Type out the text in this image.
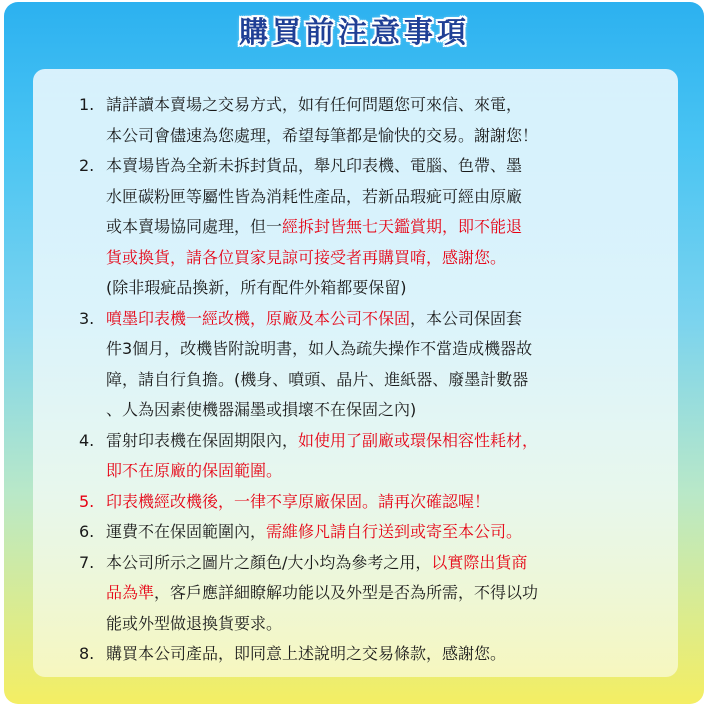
購買前注意事項
1. 請詳讀本賣場之交易方式，如有任何問題您可來信、來電，
本公司會儘速為您處理，希望每筆都是愉快的交易。謝謝您！
2. 本賣場皆為全新未拆封貨品，舉凡印表機、電腦、色帶、墨
水匣碳粉匣等屬性皆為消耗性產品，若新品瑕疵可經由原廠
或本賣場協同處理，但一經拆封皆無七天鑑賞期，即不能退
貨或換貨，請各位買家見諒可接受者再購買唷，感謝您。
(除非瑕疵品換新，所有配件外箱都要保留)
3. 噴墨印表機一經改機，原廠及本公司不保固，本公司保固套
件3個月，改機皆附說明書，如人為疏失操作不當造成機器故
障，請自行負擔。(機身、噴頭、晶片、進紙器、廢墨計數器
、人為因素使機器漏墨或損壞不在保固之內)
4. 雷射印表機在保固期限內，如使用了副廠或環保相容性耗材，
即不在原廠的保固範圍。
5. 印表機經改機後，一律不享原廠保固。請再次確認喔！
6. 運費不在保固範圍內，需維修凡請自行送到或寄至本公司。
7. 本公司所示之圖片之顏色/大小均為參考之用，以實際出貨商
品為準，客戶應詳細瞭解功能以及外型是否為所需，不得以功
能或外型做退換貨要求。
8. 購買本公司產品，即同意上述說明之交易條款，感謝您。
